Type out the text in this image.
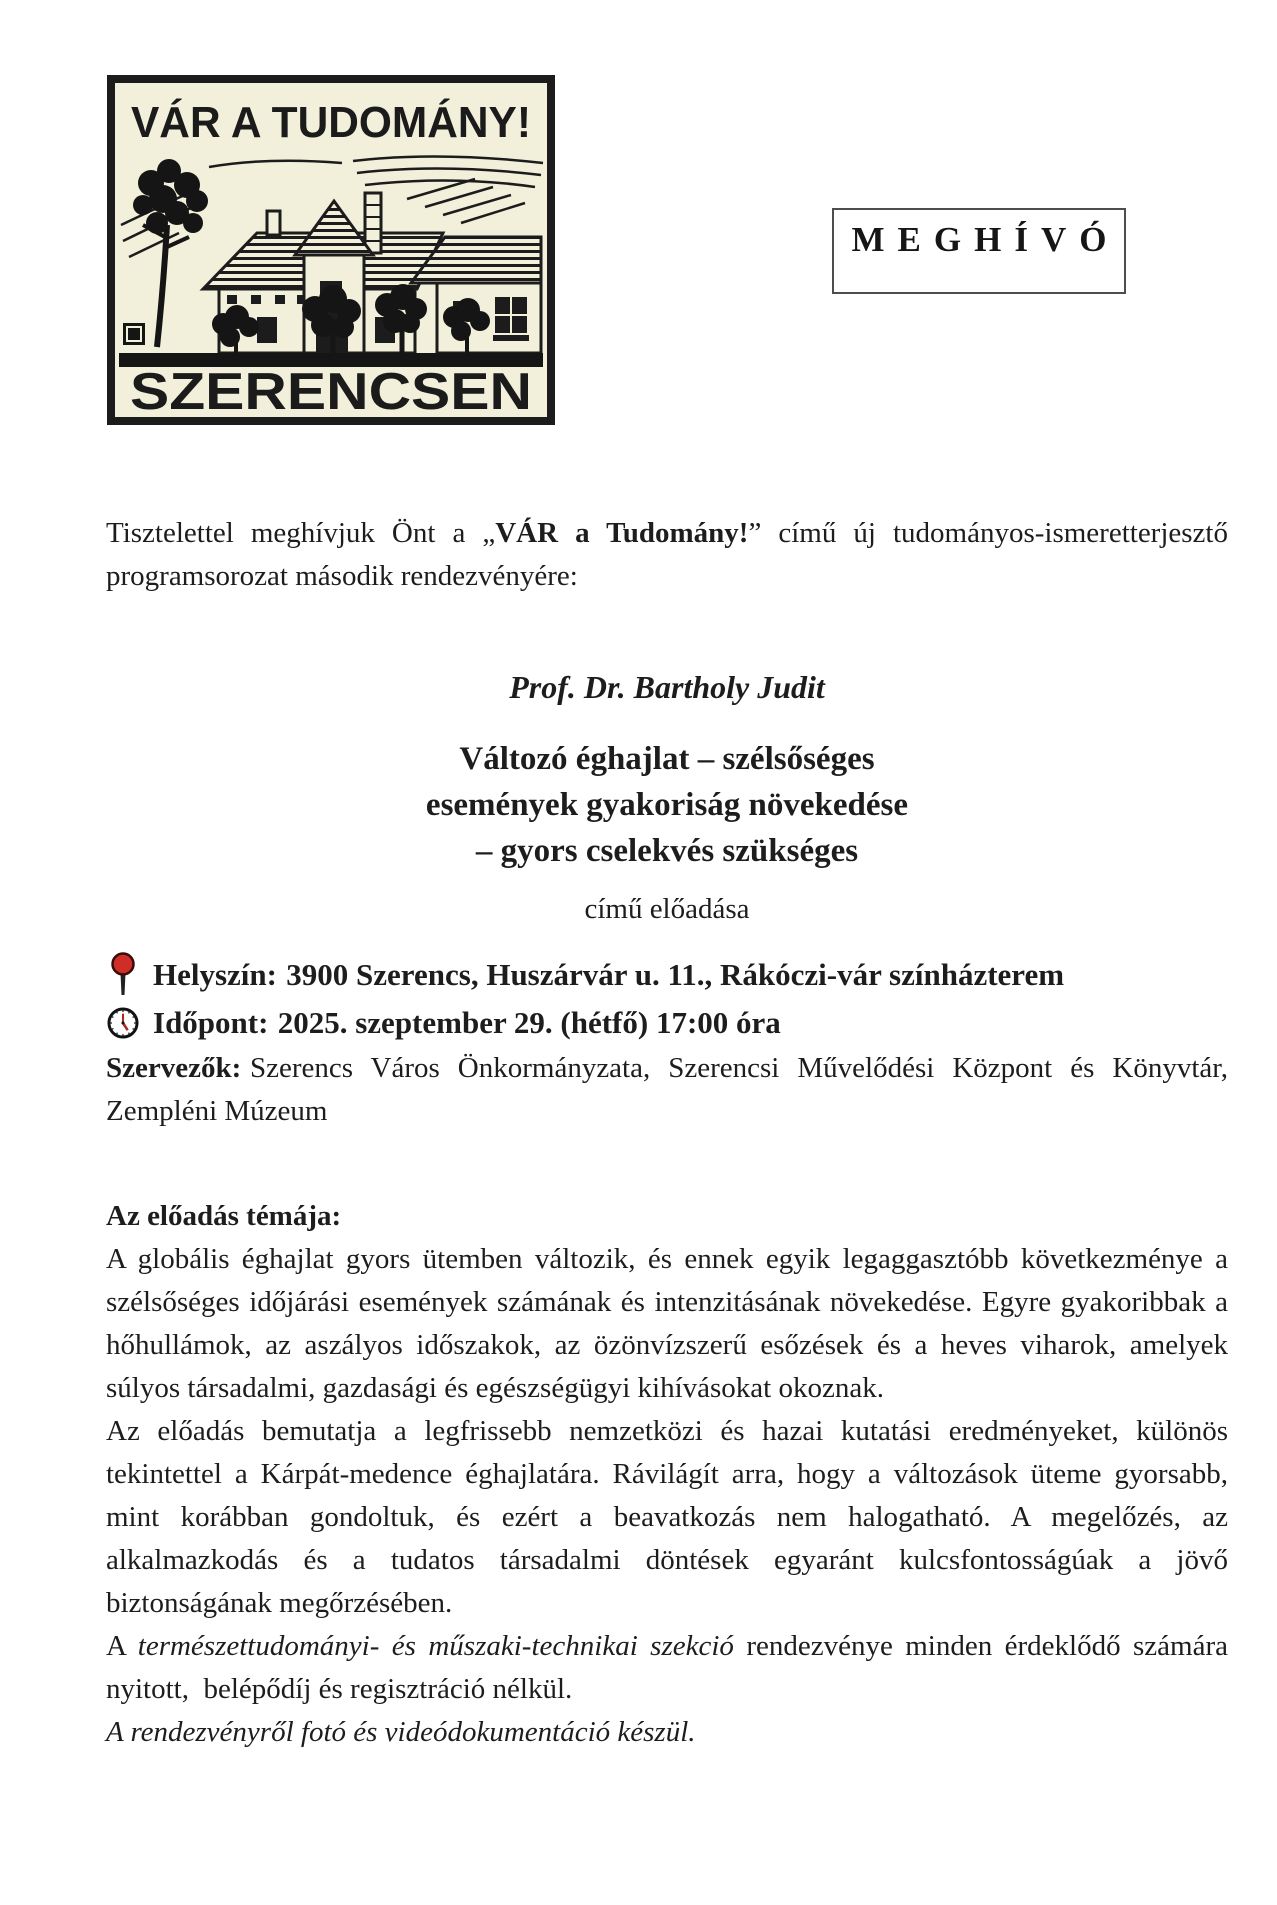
VÁR A TUDOMÁNY!
SZERENCSEN
MEGHÍVÓ

Tisztelettel meghívjuk Önt a „VÁR a Tudomány!” című új tudományos-ismeretterjesztő programsorozat második rendezvényére:

Prof. Dr. Bartholy Judit
Változó éghajlat – szélsőséges
események gyakoriság növekedése
– gyors cselekvés szükséges
című előadása
Helyszín: 3900 Szerencs, Huszárvár u. 11., Rákóczi-vár színházterem
Időpont: 2025. szeptember 29. (hétfő) 17:00 óra

Szervezők: Szerencs Város Önkormányzata, Szerencsi Művelődési Központ és Könyvtár, Zempléni Múzeum

Az előadás témája:

A globális éghajlat gyors ütemben változik, és ennek egyik legaggasztóbb következménye a szélsőséges időjárási események számának és intenzitásának növekedése. Egyre gyakoribbak a hőhullámok, az aszályos időszakok, az özönvízszerű esőzések és a heves viharok, amelyek súlyos társadalmi, gazdasági és egészségügyi kihívásokat okoznak.

Az előadás bemutatja a legfrissebb nemzetközi és hazai kutatási eredményeket, különös tekintettel a Kárpát-medence éghajlatára. Rávilágít arra, hogy a változások üteme gyorsabb, mint korábban gondoltuk, és ezért a beavatkozás nem halogatható. A megelőzés, az alkalmazkodás és a tudatos társadalmi döntések egyaránt kulcsfontosságúak a jövő biztonságának megőrzésében.

A természettudományi- és műszaki-technikai szekció rendezvénye minden érdeklődő számára nyitott,  belépődíj és regisztráció nélkül.

A rendezvényről fotó és videódokumentáció készül.
